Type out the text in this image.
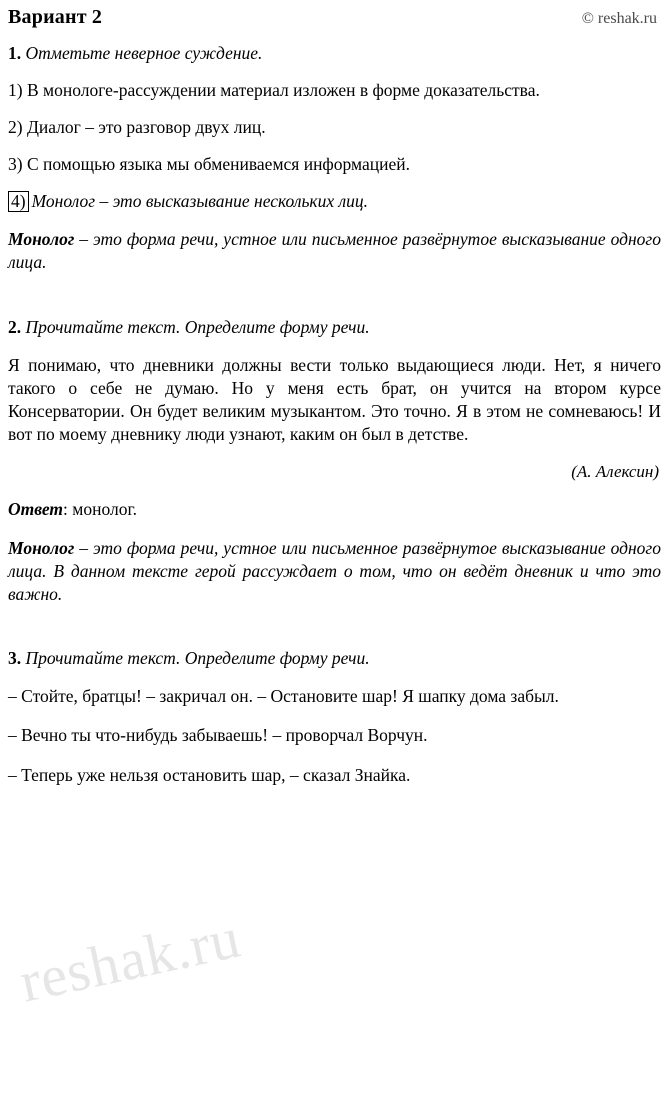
reshak.ru
Вариант 2	© reshak.ru
1. Отметьте неверное суждение.
1) В монологе-рассуждении материал изложен в форме доказательства.
2) Диалог – это разговор двух лиц.
3) С помощью языка мы обмениваемся информацией.
4) Монолог – это высказывание нескольких лиц.

Монолог – это форма речи, устное или письменное развёрнутое высказывание одного лица.

2. Прочитайте текст. Определите форму речи.

Я понимаю, что дневники должны вести только выдающиеся люди. Нет, я ничего такого о себе не думаю. Но у меня есть брат, он учится на втором курсе Консерватории. Он будет великим музыкантом. Это точно. Я в этом не сомневаюсь! И вот по моему дневнику люди узнают, каким он был в детстве.

(А. Алексин)

Ответ: монолог.

Монолог – это форма речи, устное или письменное развёрнутое высказывание одного лица. В данном тексте герой рассуждает о том, что он ведёт дневник и что это важно.

3. Прочитайте текст. Определите форму речи.

– Стойте, братцы! – закричал он. – Остановите шар! Я шапку дома забыл.

– Вечно ты что-нибудь забываешь! – проворчал Ворчун.

– Теперь уже нельзя остановить шар, – сказал Знайка.
